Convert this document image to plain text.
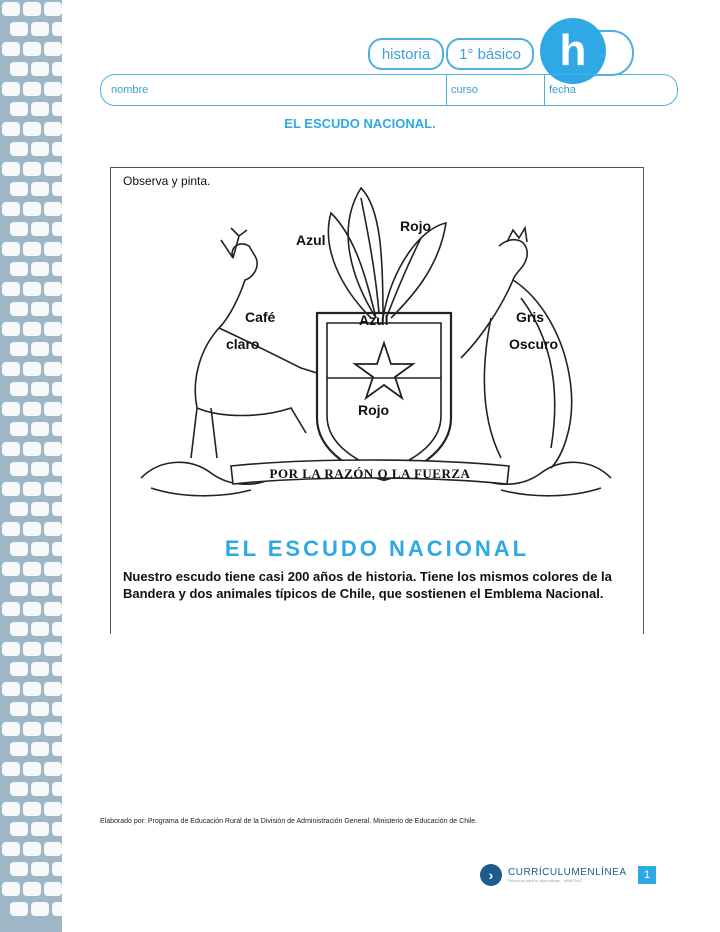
historia	1° básico h
nombre	curso	fecha
EL ESCUDO NACIONAL.
Observa y pinta.
POR LA RAZÓN O LA FUERZA
Azul
Rojo
Café
claro
Azul
Rojo
Gris
Oscuro
EL ESCUDO NACIONAL
Nuestro escudo tiene casi 200 años de historia. Tiene los mismos colores de la Bandera y dos animales típicos de Chile, que sostienen el Emblema Nacional.
Elaborado por: Programa de Educación Rural de la División de Administración General. Ministerio de Educación de Chile.
›	CURRÍCULUMENLÍNEA
Recursos para el aprendizaje · MINEDUC	1
